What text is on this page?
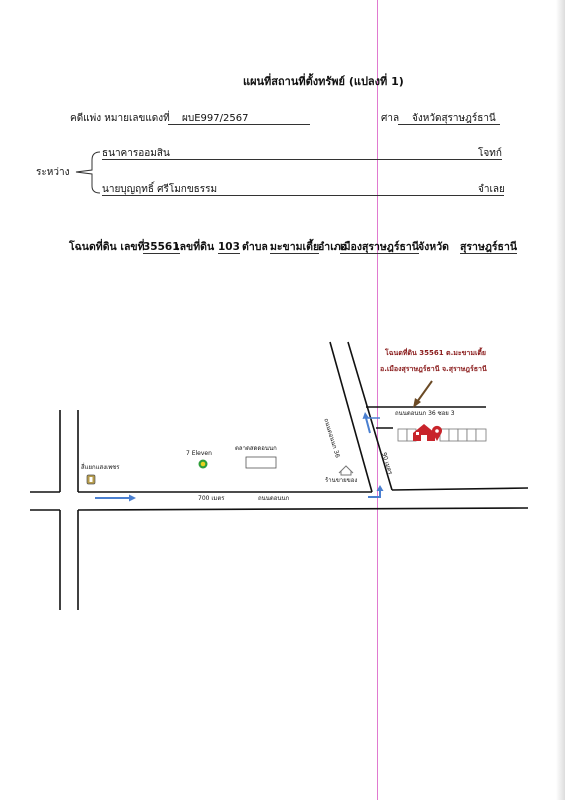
แผนที่สถานที่ตั้งทรัพย์ (แปลงที่ 1)
คดีแพ่ง หมายเลขแดงที่	ผบE997/2567	ศาล	จังหวัดสุราษฎร์ธานี
ระหว่าง
ธนาคารออมสิน	โจทก์
นายบุญฤทธิ์ ศรีโมกขธรรม	จำเลย
โฉนดที่ดิน เลขที่
35561
เลขที่ดิน 103 ตำบล มะขามเตี้ย
อำเภอ
เมืองสุราษฎร์ธานี จังหวัด สุราษฎร์ธานี
โฉนดที่ดิน 35561 ต.มะขามเตี้ย
อ.เมืองสุราษฎร์ธานี จ.สุราษฎร์ธานี
ถนนดอนนก 36 ซอย 3
ถนนดอนนก 36
90 เมตร
700 เมตร	ถนนดอนนก
7 Eleven
ตลาดสดดอนนก
สี่แยกแสงเพชร
ร้านขายของ
